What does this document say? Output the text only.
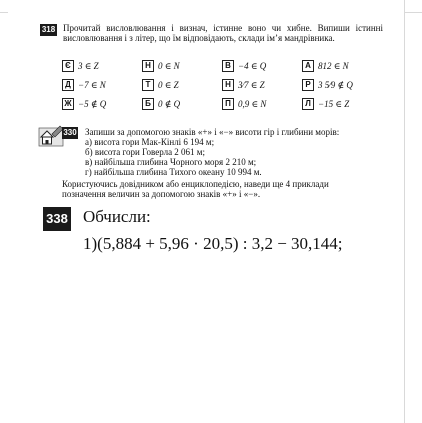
318 Прочитай висловлювання і визнач, істинне воно чи хибне. Випиши істинні висловлювання і з літер, що їм відповідають, склади ім’я мандрівника.
Є 3 ∈ Z	Н 0 ∈ N	В −4 ∈ Q	А 812 ∈ N
Д −7 ∈ N	Т 0 ∈ Z	Н 3⁄7 ∈ Z	Р 3 5⁄9 ∉ Q
Ж −5 ∉ Q	Б 0 ∉ Q	П 0,9 ∈ N	Л −15 ∈ Z
330 Запиши за допомогою знаків «+» і «−» висоти гір і глибини морів:
а) висота гори Мак-Кінлі 6 194 м;
б) висота гори Говерла 2 061 м;
в) найбільша глибина Чорного моря 2 210 м;
г) найбільша глибина Тихого океану 10 994 м.
Користуючись довідником або енциклопедією, наведи ще 4 приклади
позначення величин за допомогою знаків «+» і «−».
338 Обчисли:
1)(5,884 + 5,96 · 20,5) : 3,2 − 30,144;
